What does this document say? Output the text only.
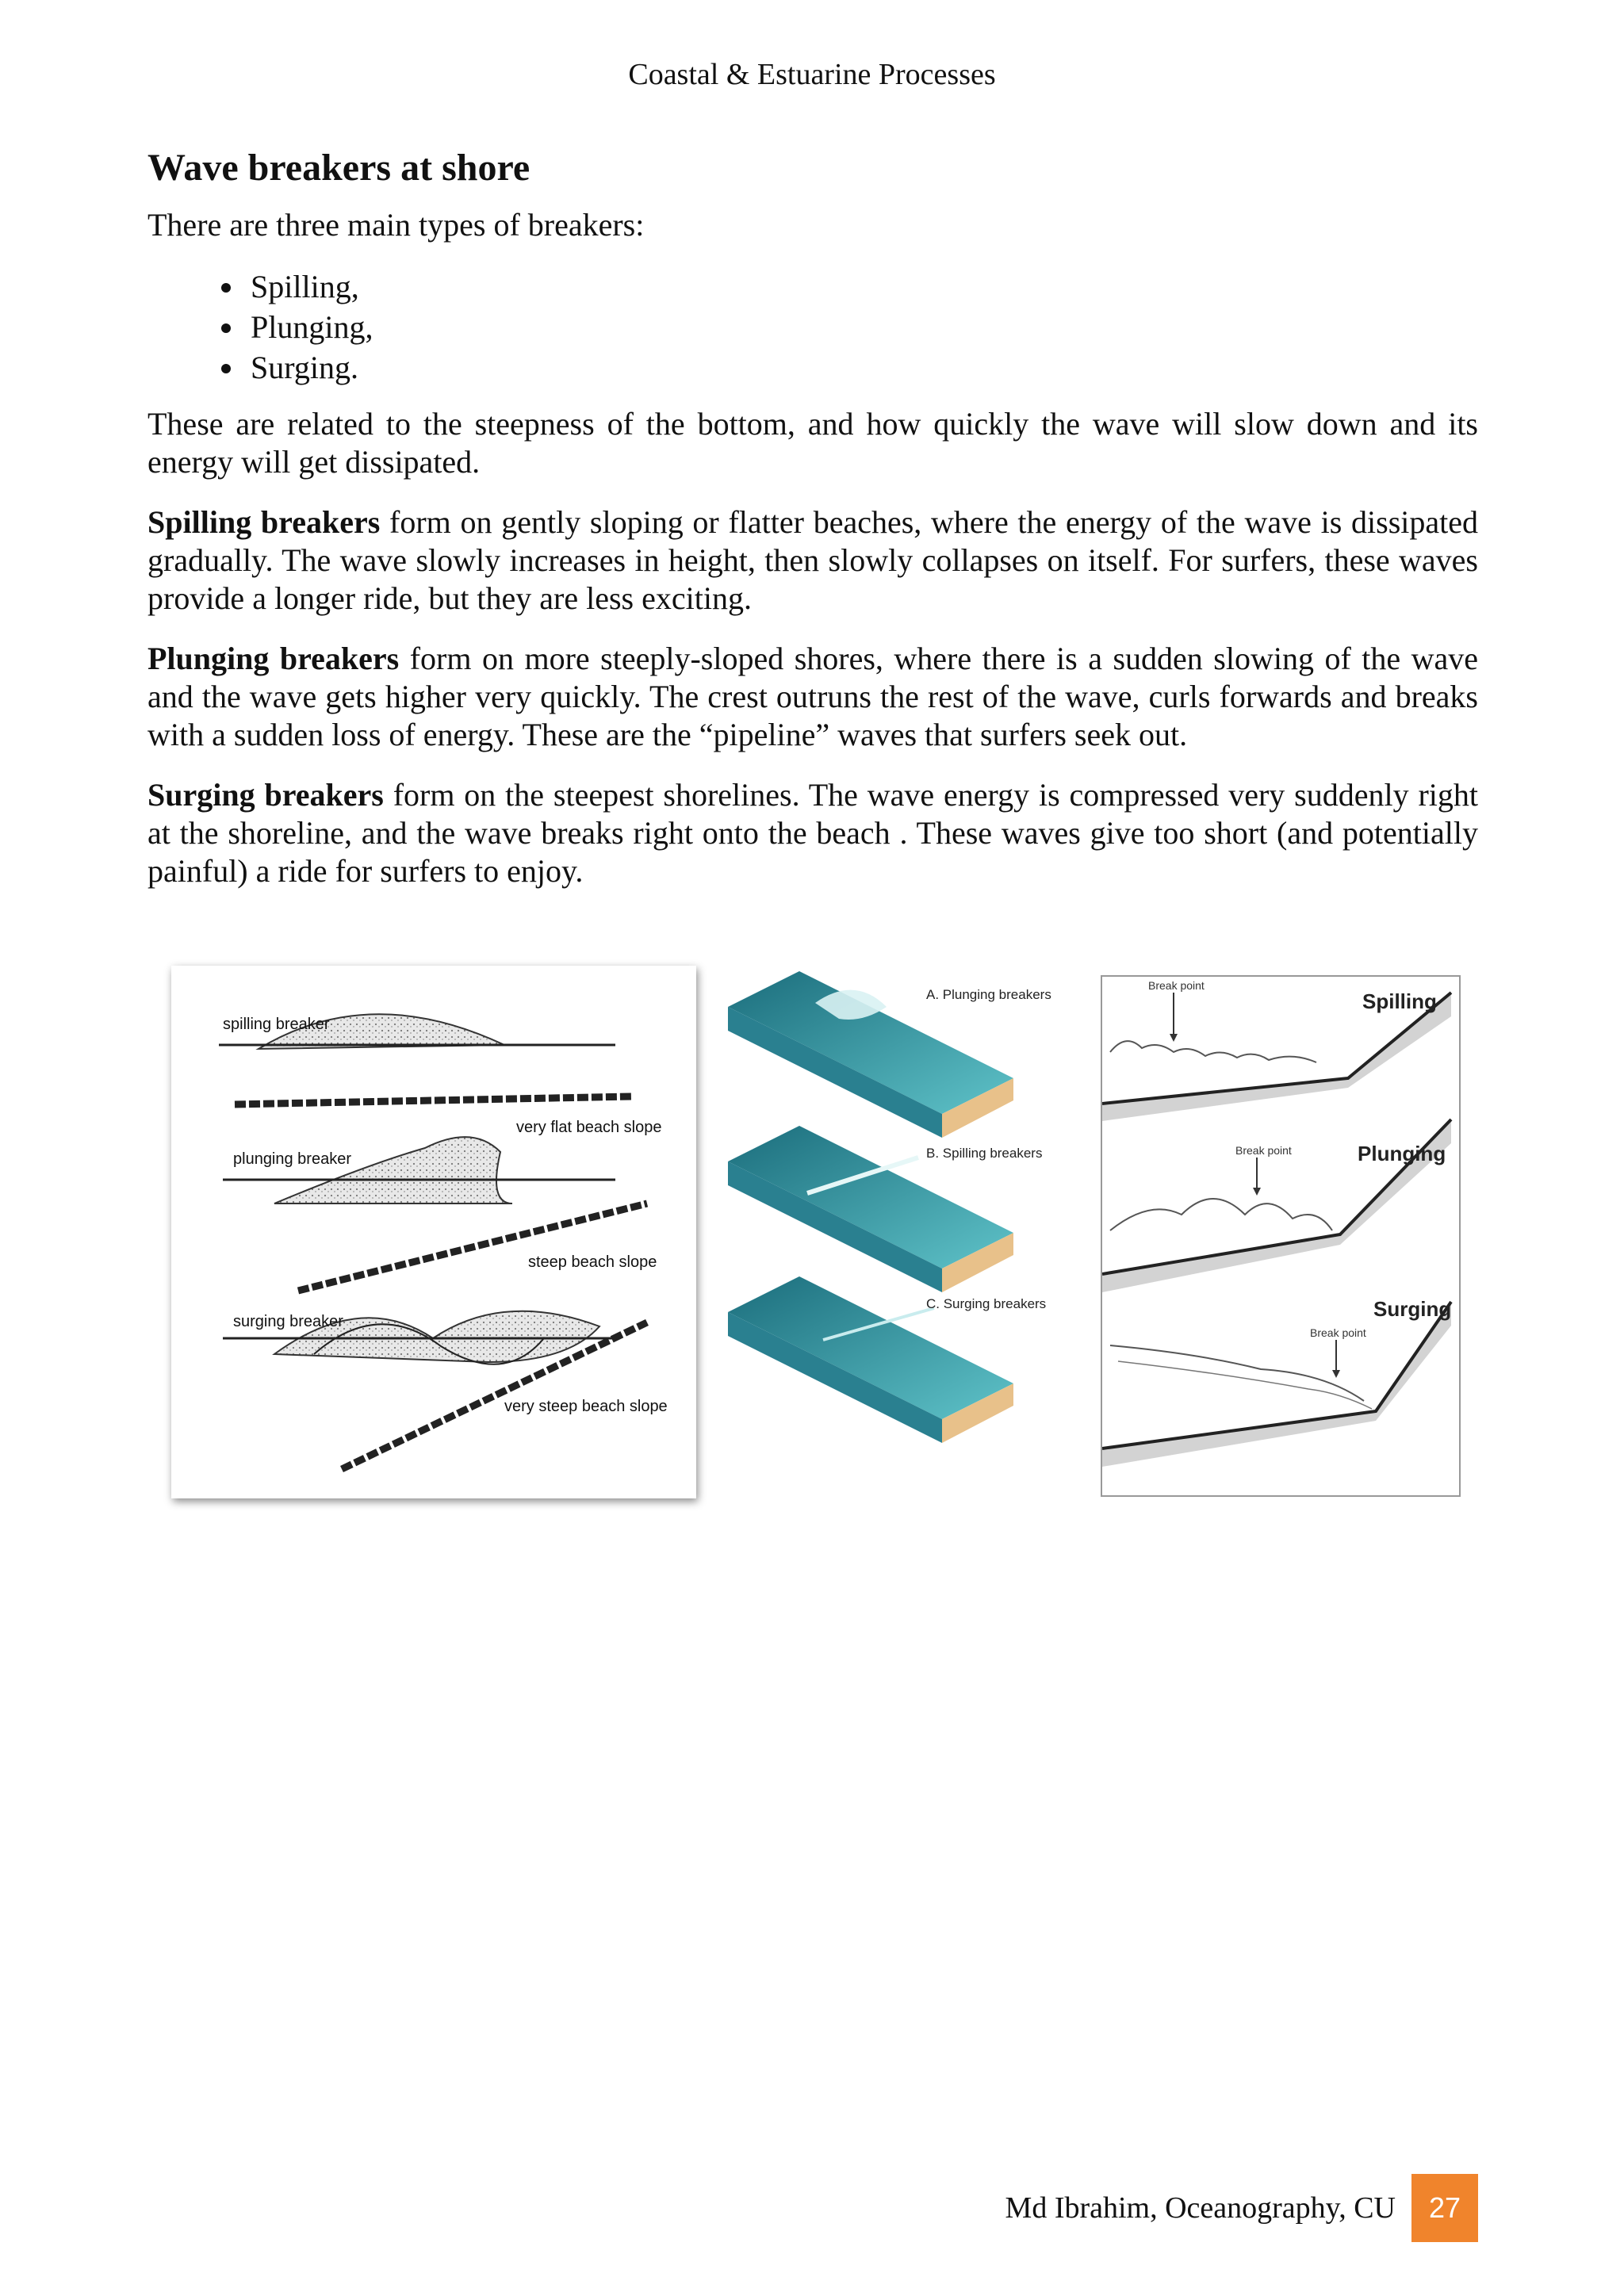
Coastal & Estuarine Processes
Wave breakers at shore

There are three main types of breakers:

• Spilling,
• Plunging,
• Surging.

These are related to the steepness of the bottom, and how quickly the wave will slow down and its energy will get dissipated.

Spilling breakers form on gently sloping or flatter beaches, where the energy of the wave is dissipated gradually. The wave slowly increases in height, then slowly collapses on itself. For surfers, these waves provide a longer ride, but they are less exciting.

Plunging breakers form on more steeply-sloped shores, where there is a sudden slowing of the wave and the wave gets higher very quickly. The crest outruns the rest of the wave, curls forwards and breaks with a sudden loss of energy. These are the “pipeline” waves that surfers seek out.

Surging breakers form on the steepest shorelines. The wave energy is compressed very suddenly right at the shoreline, and the wave breaks right onto the beach . These waves give too short (and potentially painful) a ride for surfers to enjoy.

spilling breaker
very flat beach slope
plunging breaker
steep beach slope
surging breaker
very steep beach slope
A. Plunging breakers
B. Spilling breakers
C. Surging breakers
Break point
Spilling
Break point	Plunging
Break point
Surging
Md Ibrahim, Oceanography, CU	27
